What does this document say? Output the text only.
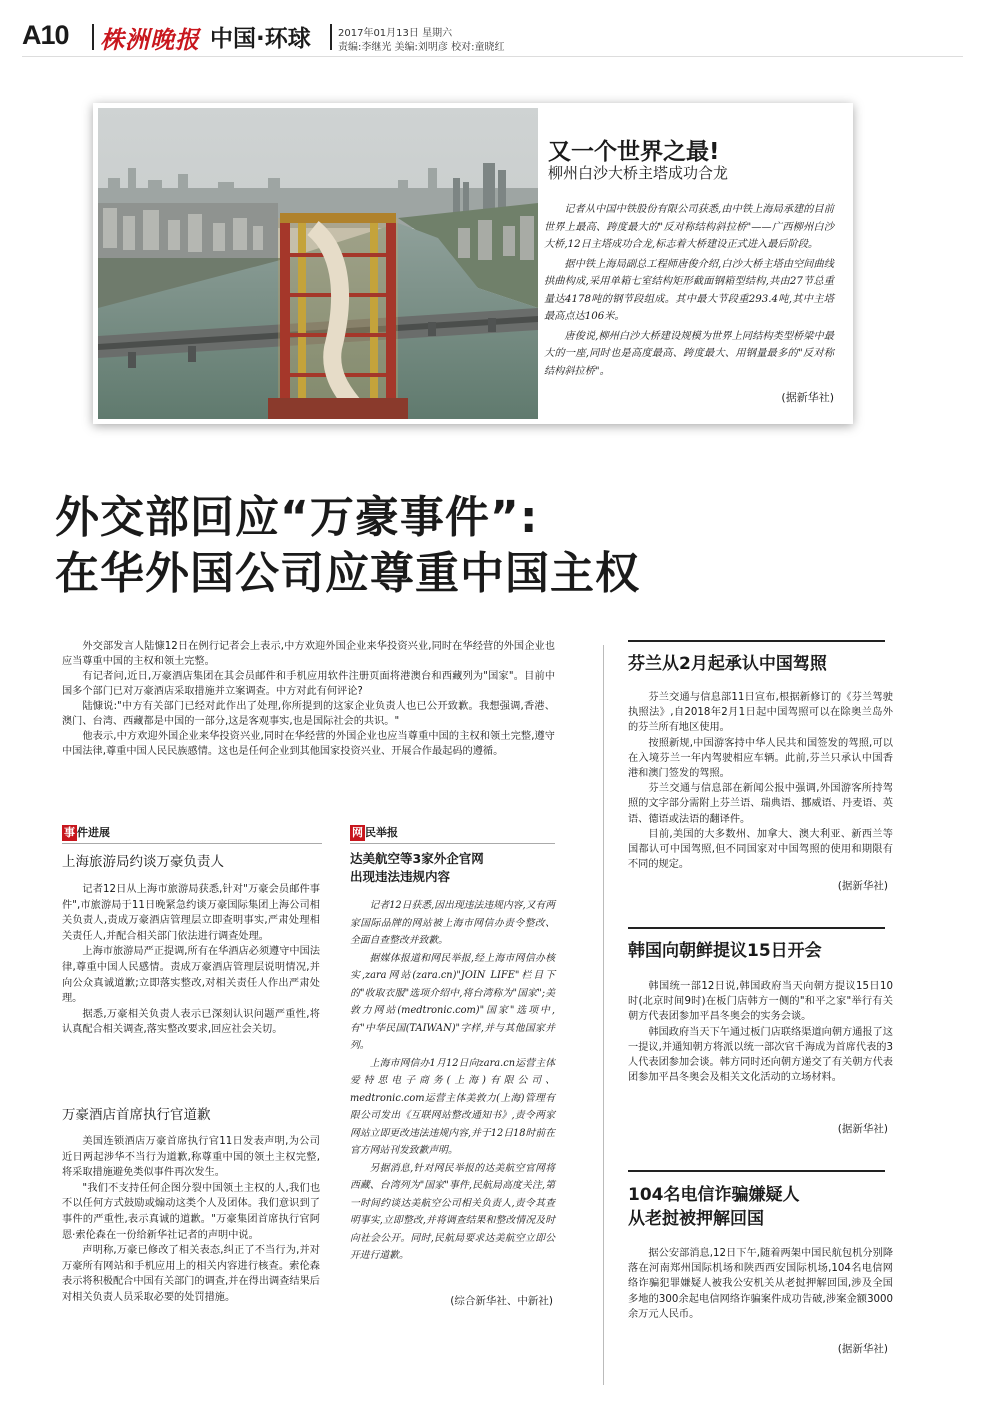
A10 株洲晚报 中国·环球	2017年01月13日 星期六
责编:李继光 美编:刘明彦 校对:童晓红
又一个世界之最!
柳州白沙大桥主塔成功合龙

记者从中国中铁股份有限公司获悉,由中铁上海局承建的目前世界上最高、跨度最大的"反对称结构斜拉桥"——广西柳州白沙大桥,12日主塔成功合龙,标志着大桥建设正式进入最后阶段。

据中铁上海局副总工程师唐俊介绍,白沙大桥主塔由空间曲线拱曲构成,采用单箱七室结构矩形截面钢箱型结构,共由27节总重量达4178吨的钢节段组成。其中最大节段重293.4吨,其中主塔最高点达106米。

唐俊说,柳州白沙大桥建设规模为世界上同结构类型桥梁中最大的一座,同时也是高度最高、跨度最大、用钢量最多的"反对称结构斜拉桥"。

(据新华社)
外交部回应“万豪事件”:
在华外国公司应尊重中国主权

外交部发言人陆慷12日在例行记者会上表示,中方欢迎外国企业来华投资兴业,同时在华经营的外国企业也应当尊重中国的主权和领土完整。

有记者问,近日,万豪酒店集团在其会员邮件和手机应用软件注册页面将港澳台和西藏列为"国家"。目前中国多个部门已对万豪酒店采取措施并立案调查。中方对此有何评论?

陆慷说:"中方有关部门已经对此作出了处理,你所提到的这家企业负责人也已公开致歉。我想强调,香港、澳门、台湾、西藏都是中国的一部分,这是客观事实,也是国际社会的共识。"

他表示,中方欢迎外国企业来华投资兴业,同时在华经营的外国企业也应当尊重中国的主权和领土完整,遵守中国法律,尊重中国人民民族感情。这也是任何企业到其他国家投资兴业、开展合作最起码的遵循。

事 件进展
上海旅游局约谈万豪负责人

记者12日从上海市旅游局获悉,针对"万豪会员邮件事件",市旅游局于11日晚紧急约谈万豪国际集团上海公司相关负责人,责成万豪酒店管理层立即查明事实,严肃处理相关责任人,并配合相关部门依法进行调查处理。

上海市旅游局严正提调,所有在华酒店必须遵守中国法律,尊重中国人民感情。责成万豪酒店管理层说明情况,并向公众真诚道歉;立即落实整改,对相关责任人作出严肃处理。

据悉,万豪相关负责人表示已深刻认识问题严重性,将认真配合相关调查,落实整改要求,回应社会关切。

万豪酒店首席执行官道歉

美国连锁酒店万豪首席执行官11日发表声明,为公司近日两起涉华不当行为道歉,称尊重中国的领土主权完整,将采取措施避免类似事件再次发生。

"我们不支持任何企图分裂中国领土主权的人,我们也不以任何方式鼓励或煽动这类个人及团体。我们意识到了事件的严重性,表示真诚的道歉。"万豪集团首席执行官阿恩·索伦森在一份给新华社记者的声明中说。

声明称,万豪已修改了相关表态,纠正了不当行为,并对万豪所有网站和手机应用上的相关内容进行核查。索伦森表示将积极配合中国有关部门的调查,并在得出调查结果后对相关负责人员采取必要的处罚措施。

网 民举报
达美航空等3家外企官网
出现违法违规内容

记者12日获悉,因出现违法违规内容,又有两家国际品牌的网站被上海市网信办责令整改、全面自查整改并致歉。

据媒体报道和网民举报,经上海市网信办核实,zara网站(zara.cn)"JOIN LIFE"栏目下的"收取衣服"选项介绍中,将台湾称为"国家";美敦力网站(medtronic.com)"国家"选项中,有"中华民国(TAIWAN)"字样,并与其他国家并列。

上海市网信办1月12日向zara.cn运营主体爱特思电子商务(上海)有限公司、medtronic.com运营主体美敦力(上海)管理有限公司发出《互联网站整改通知书》,责令两家网站立即更改违法违规内容,并于12日18时前在官方网站刊发致歉声明。

另据消息,针对网民举报的达美航空官网将西藏、台湾列为"国家"事件,民航局高度关注,第一时间约谈达美航空公司相关负责人,责令其查明事实,立即整改,并将调查结果和整改情况及时向社会公开。同时,民航局要求达美航空立即公开进行道歉。

(综合新华社、中新社)
芬兰从2月起承认中国驾照

芬兰交通与信息部11日宣布,根据新修订的《芬兰驾驶执照法》,自2018年2月1日起中国驾照可以在除奥兰岛外的芬兰所有地区使用。

按照新规,中国游客持中华人民共和国签发的驾照,可以在入境芬兰一年内驾驶相应车辆。此前,芬兰只承认中国香港和澳门签发的驾照。

芬兰交通与信息部在新闻公报中强调,外国游客所持驾照的文字部分需附上芬兰语、瑞典语、挪威语、丹麦语、英语、德语或法语的翻译件。

目前,美国的大多数州、加拿大、澳大利亚、新西兰等国都认可中国驾照,但不同国家对中国驾照的使用和期限有不同的规定。

(据新华社)
韩国向朝鲜提议15日开会

韩国统一部12日说,韩国政府当天向朝方提议15日10时(北京时间9时)在板门店韩方一侧的"和平之家"举行有关朝方代表团参加平昌冬奥会的实务会谈。

韩国政府当天下午通过板门店联络渠道向朝方通报了这一提议,并通知朝方将派以统一部次官千海成为首席代表的3人代表团参加会谈。韩方同时还向朝方递交了有关朝方代表团参加平昌冬奥会及相关文化活动的立场材料。

(据新华社)
104名电信诈骗嫌疑人
从老挝被押解回国

据公安部消息,12日下午,随着两架中国民航包机分别降落在河南郑州国际机场和陕西西安国际机场,104名电信网络诈骗犯罪嫌疑人被我公安机关从老挝押解回国,涉及全国多地的300余起电信网络诈骗案件成功告破,涉案金额3000余万元人民币。

(据新华社)
